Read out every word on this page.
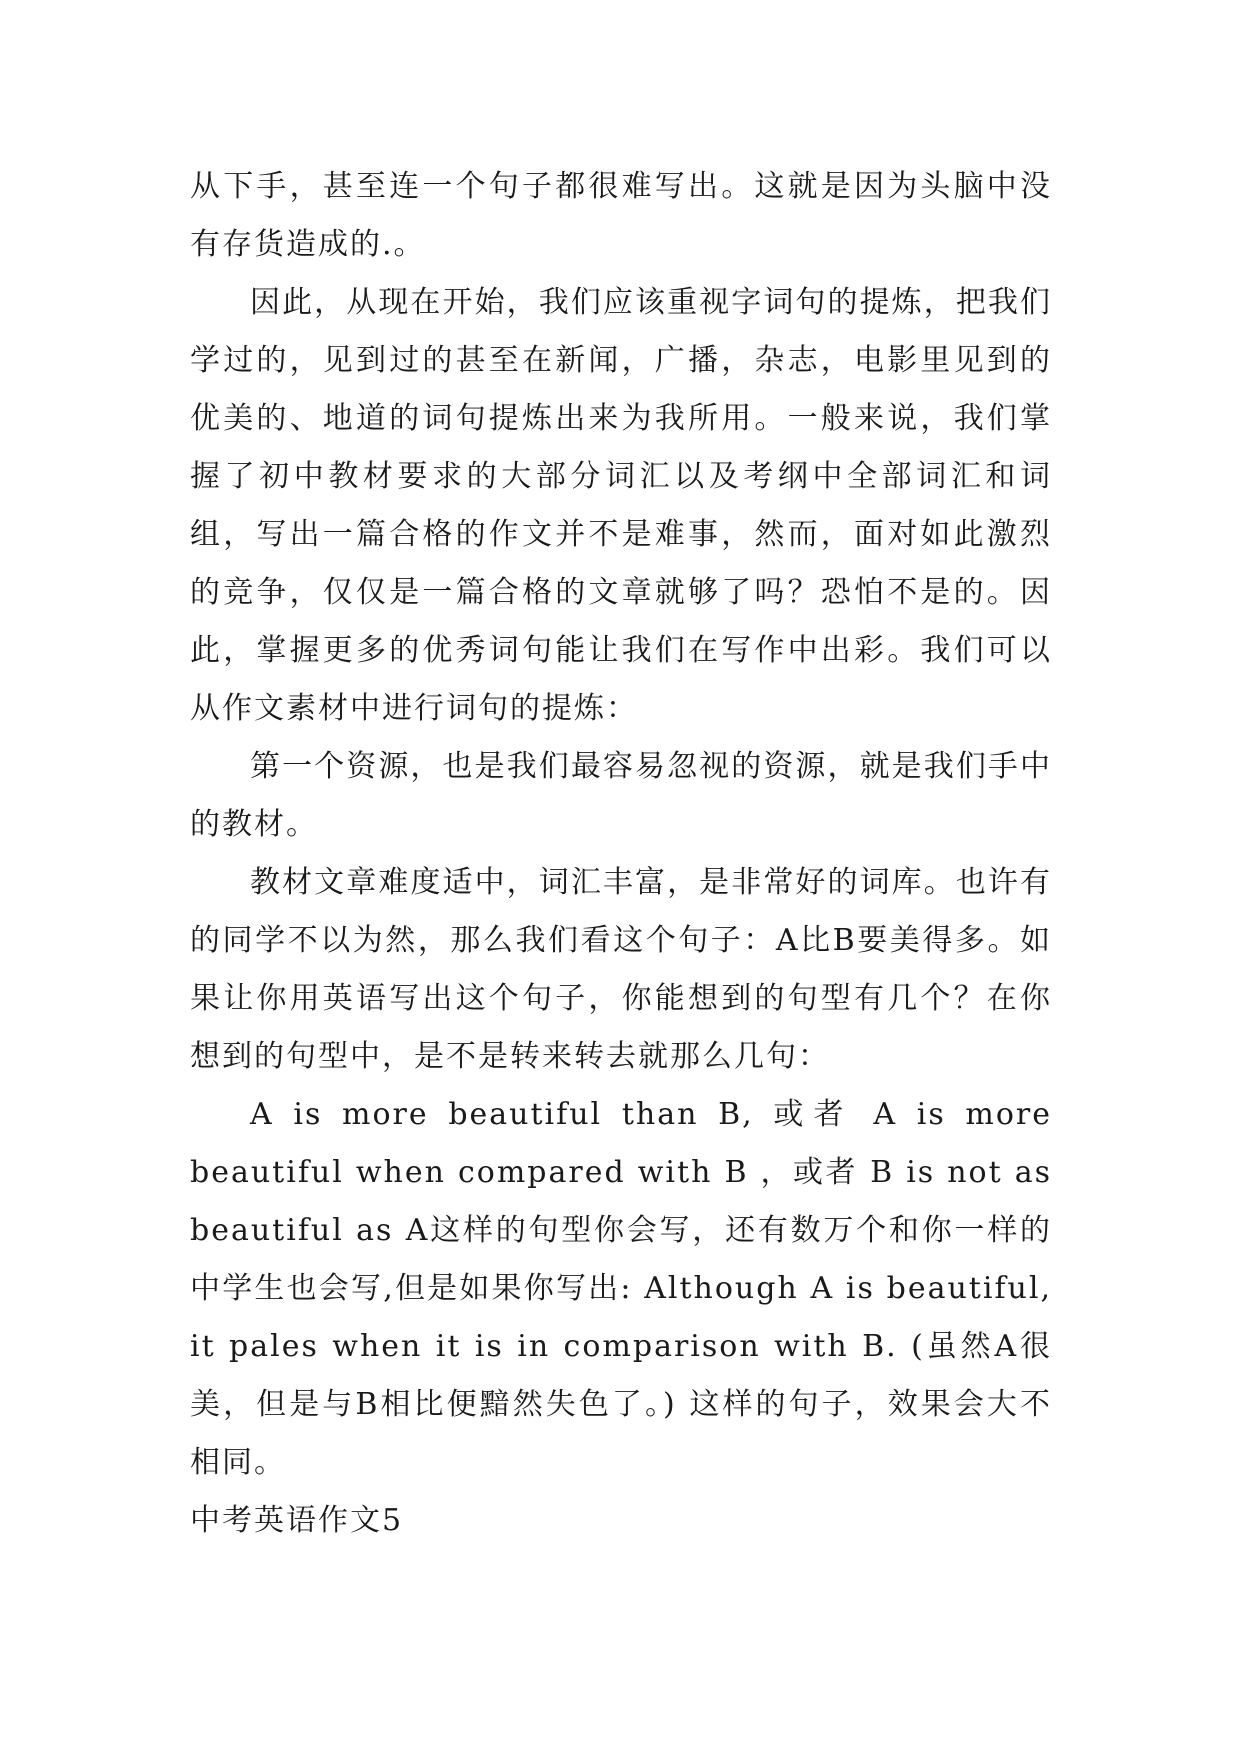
从下手，甚至连一个句子都很难写出。这就是因为头脑中没有存货造成的.。

因此，从现在开始，我们应该重视字词句的提炼，把我们学过的，见到过的甚至在新闻，广播，杂志，电影里见到的优美的、地道的词句提炼出来为我所用。一般来说，我们掌握了初中教材要求的大部分词汇以及考纲中全部词汇和词组，写出一篇合格的作文并不是难事，然而，面对如此激烈的竞争，仅仅是一篇合格的文章就够了吗？恐怕不是的。因此，掌握更多的优秀词句能让我们在写作中出彩。我们可以从作文素材中进行词句的提炼：

第一个资源，也是我们最容易忽视的资源，就是我们手中的教材。

教材文章难度适中，词汇丰富，是非常好的词库。也许有的同学不以为然，那么我们看这个句子：A比B要美得多。如果让你用英语写出这个句子，你能想到的句型有几个？在你想到的句型中，是不是转来转去就那么几句：

A is more beautiful than B, 或者 A is more beautiful when compared with B ，或者 B is not as beautiful as A这样的句型你会写，还有数万个和你一样的中学生也会写,但是如果你写出: Although A is beautiful, it pales when it is in comparison with B. (虽然A很美，但是与B相比便黯然失色了。) 这样的句子，效果会大不相同。

中考英语作文5
